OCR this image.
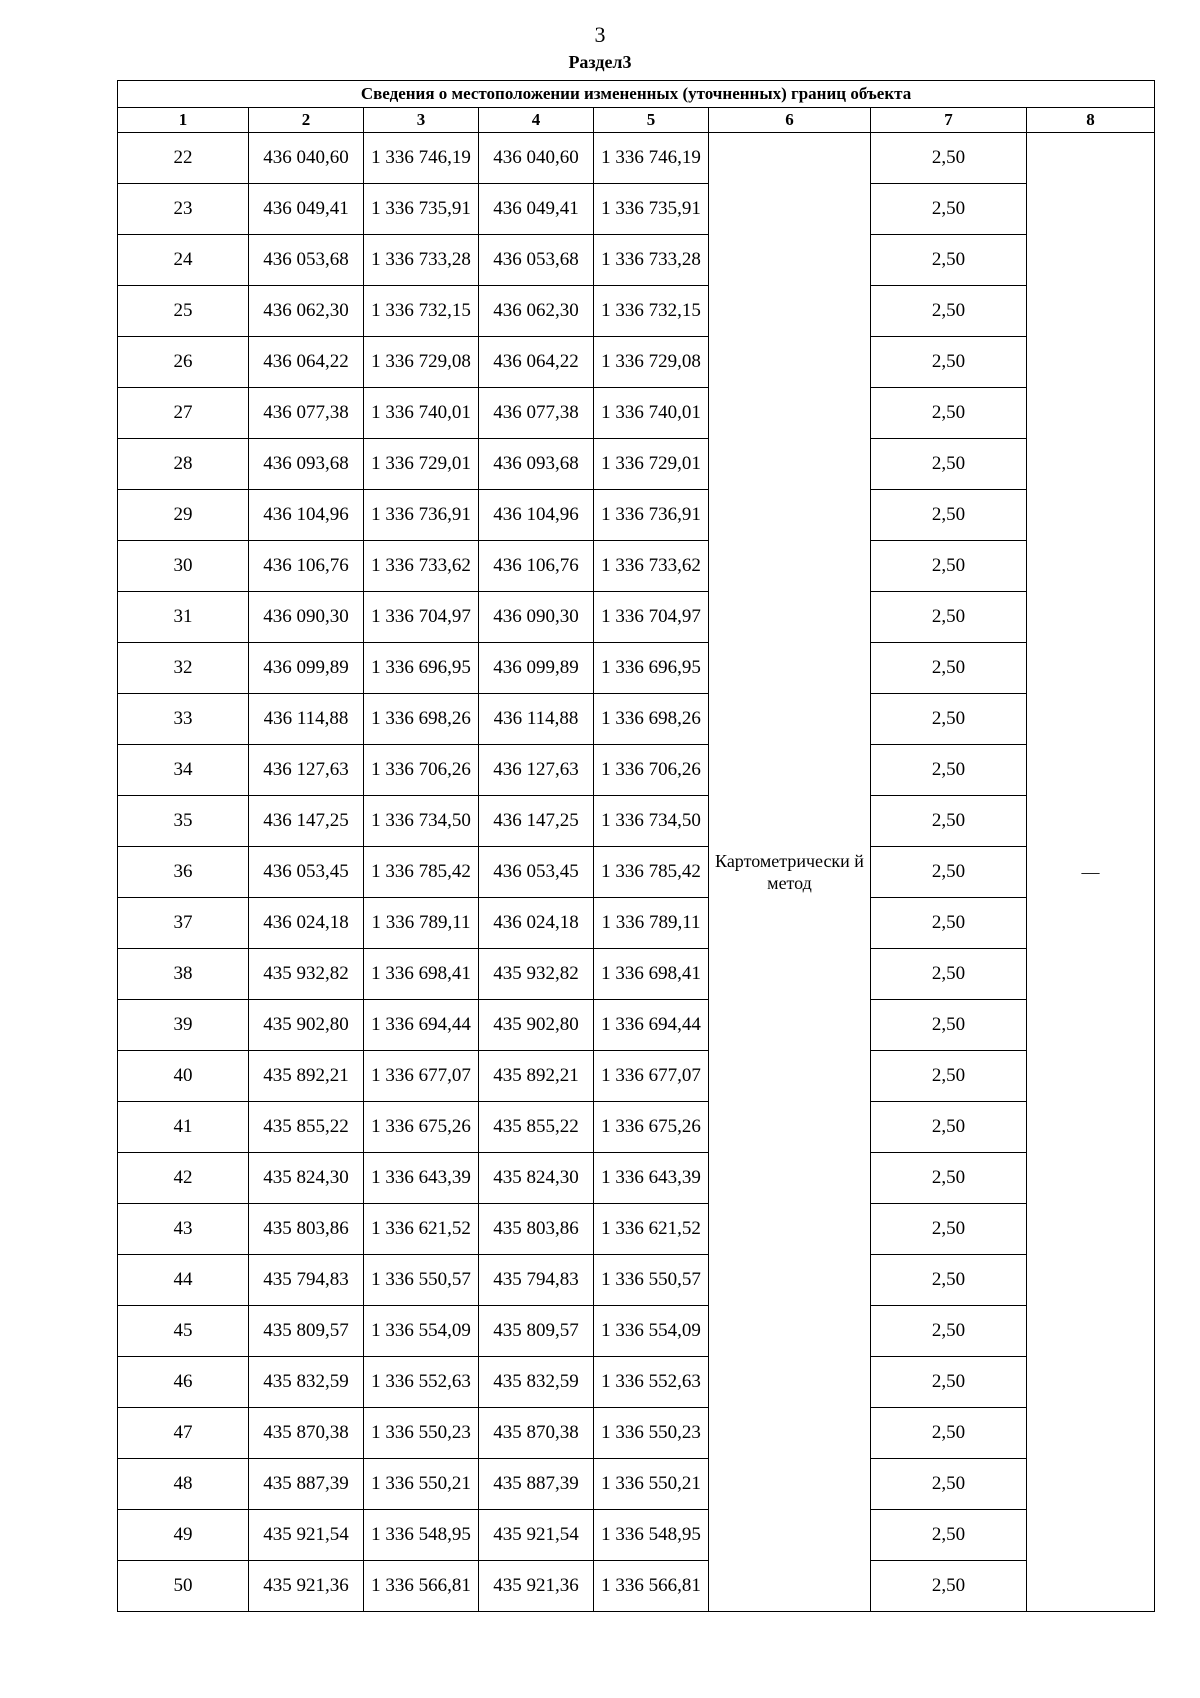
3
Раздел3
Сведения о местоположении измененных (уточненных) границ объекта							
1	2	3	4	5	6	7	8
22	436 040,60	1 336 746,19	436 040,60	1 336 746,19	Картометрически й метод	2,50	—
23	436 049,41	1 336 735,91	436 049,41	1 336 735,91		2,50	
24	436 053,68	1 336 733,28	436 053,68	1 336 733,28		2,50	
25	436 062,30	1 336 732,15	436 062,30	1 336 732,15		2,50	
26	436 064,22	1 336 729,08	436 064,22	1 336 729,08		2,50	
27	436 077,38	1 336 740,01	436 077,38	1 336 740,01		2,50	
28	436 093,68	1 336 729,01	436 093,68	1 336 729,01		2,50	
29	436 104,96	1 336 736,91	436 104,96	1 336 736,91		2,50	
30	436 106,76	1 336 733,62	436 106,76	1 336 733,62		2,50	
31	436 090,30	1 336 704,97	436 090,30	1 336 704,97		2,50	
32	436 099,89	1 336 696,95	436 099,89	1 336 696,95		2,50	
33	436 114,88	1 336 698,26	436 114,88	1 336 698,26		2,50	
34	436 127,63	1 336 706,26	436 127,63	1 336 706,26		2,50	
35	436 147,25	1 336 734,50	436 147,25	1 336 734,50		2,50	
36	436 053,45	1 336 785,42	436 053,45	1 336 785,42		2,50	
37	436 024,18	1 336 789,11	436 024,18	1 336 789,11		2,50	
38	435 932,82	1 336 698,41	435 932,82	1 336 698,41		2,50	
39	435 902,80	1 336 694,44	435 902,80	1 336 694,44		2,50	
40	435 892,21	1 336 677,07	435 892,21	1 336 677,07		2,50	
41	435 855,22	1 336 675,26	435 855,22	1 336 675,26		2,50	
42	435 824,30	1 336 643,39	435 824,30	1 336 643,39		2,50	
43	435 803,86	1 336 621,52	435 803,86	1 336 621,52		2,50	
44	435 794,83	1 336 550,57	435 794,83	1 336 550,57		2,50	
45	435 809,57	1 336 554,09	435 809,57	1 336 554,09		2,50	
46	435 832,59	1 336 552,63	435 832,59	1 336 552,63		2,50	
47	435 870,38	1 336 550,23	435 870,38	1 336 550,23		2,50	
48	435 887,39	1 336 550,21	435 887,39	1 336 550,21		2,50	
49	435 921,54	1 336 548,95	435 921,54	1 336 548,95		2,50	
50	435 921,36	1 336 566,81	435 921,36	1 336 566,81		2,50	
